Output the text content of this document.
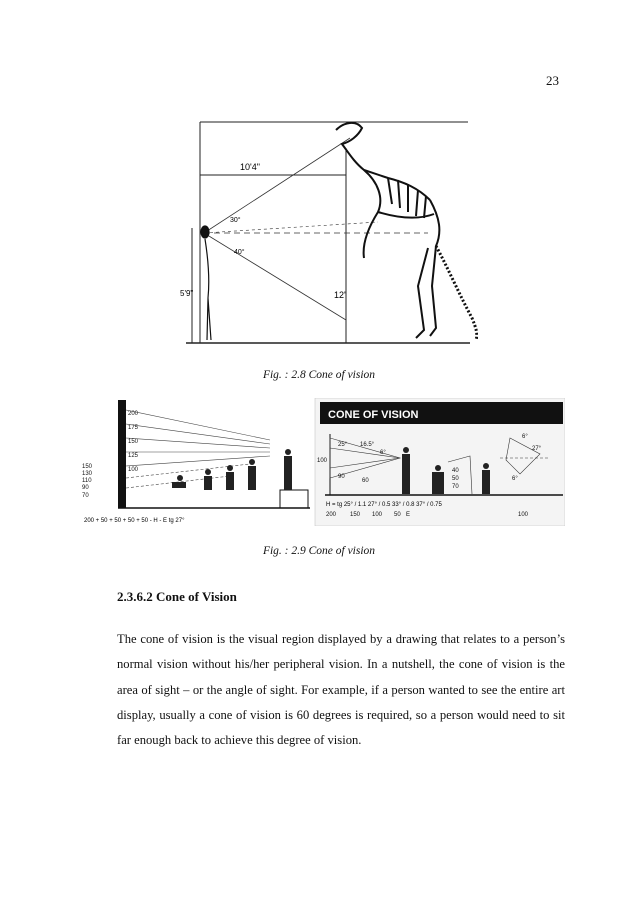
23
10'4"
30°
40°
12'
5'9"
Fig. : 2.8 Cone of vision
200
175
150
125
100
150
130
110
90
70
200 + 50 + 50 + 50 + 50 - H - E tg 27°
CONE OF VISION
25° 16.5°
6°
100
90
60
6°
27°
6°
40
50
70
H = tg 25° / 1.1 27° / 0.5 33° / 0.8 37° / 0.75
200 150 100 50 E	100
Fig. : 2.9 Cone of vision
2.3.6.2 Cone of Vision

The cone of vision is the visual region displayed by a drawing that relates to a person’s normal vision without his/her peripheral vision. In a nutshell, the cone of vision is the area of sight – or the angle of sight. For example, if a person wanted to see the entire art display, usually a cone of vision is 60 degrees is required, so a person would need to sit far enough back to achieve this degree of vision.
